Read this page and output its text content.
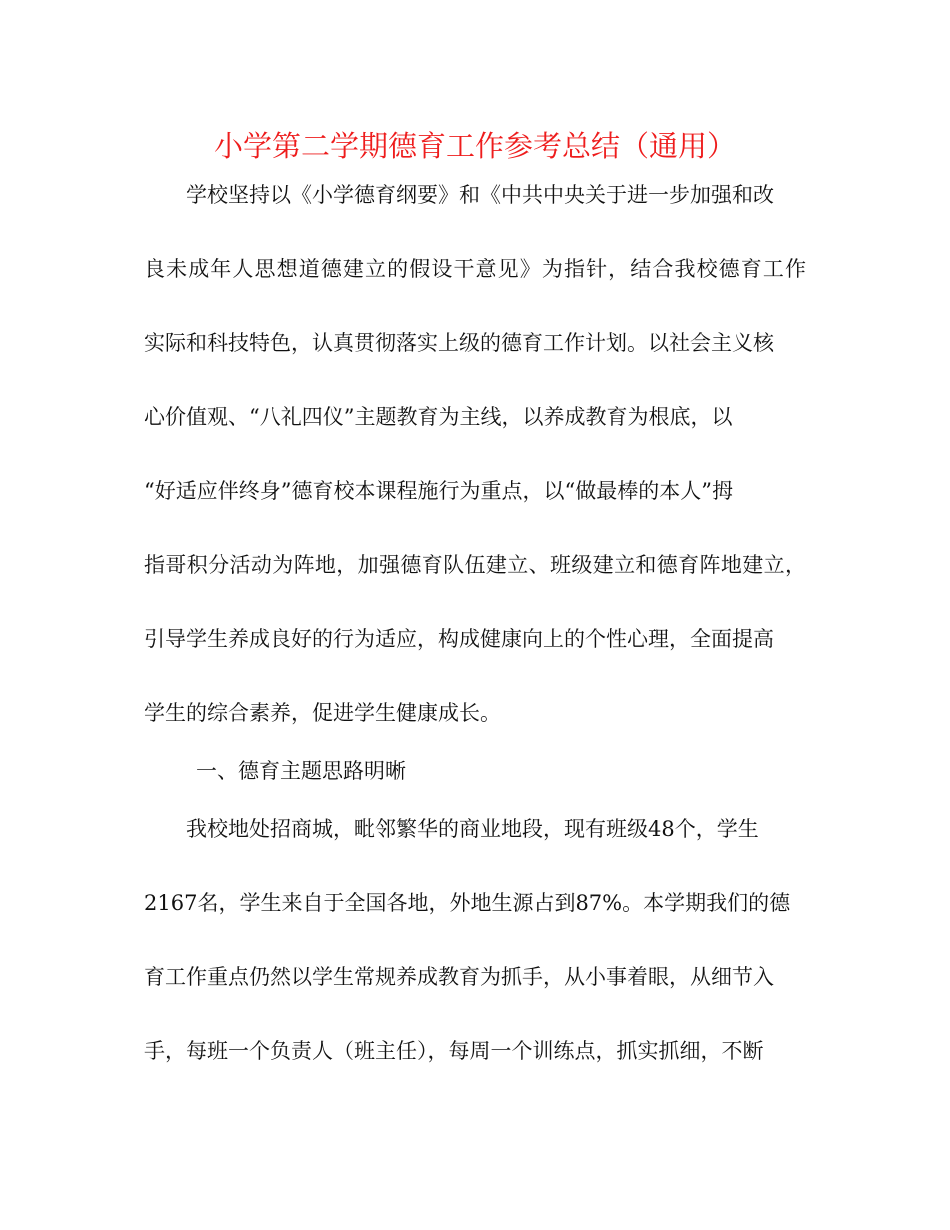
小学第二学期德育工作参考总结（通用）
学校坚持以《小学德育纲要》和《中共中央关于进一步加强和改
良未成年人思想道德建立的假设干意见》为指针，结合我校德育工作
实际和科技特色，认真贯彻落实上级的德育工作计划。以社会主义核
心价值观、“八礼四仪”主题教育为主线，以养成教育为根底，以
“好适应伴终身”德育校本课程施行为重点，以“做最棒的本人”拇
指哥积分活动为阵地，加强德育队伍建立、班级建立和德育阵地建立，
引导学生养成良好的行为适应，构成健康向上的个性心理，全面提高
学生的综合素养，促进学生健康成长。
一、德育主题思路明晰
我校地处招商城，毗邻繁华的商业地段，现有班级48个，学生
2167名，学生来自于全国各地，外地生源占到87%。本学期我们的德
育工作重点仍然以学生常规养成教育为抓手，从小事着眼，从细节入
手，每班一个负责人（班主任），每周一个训练点，抓实抓细，不断
